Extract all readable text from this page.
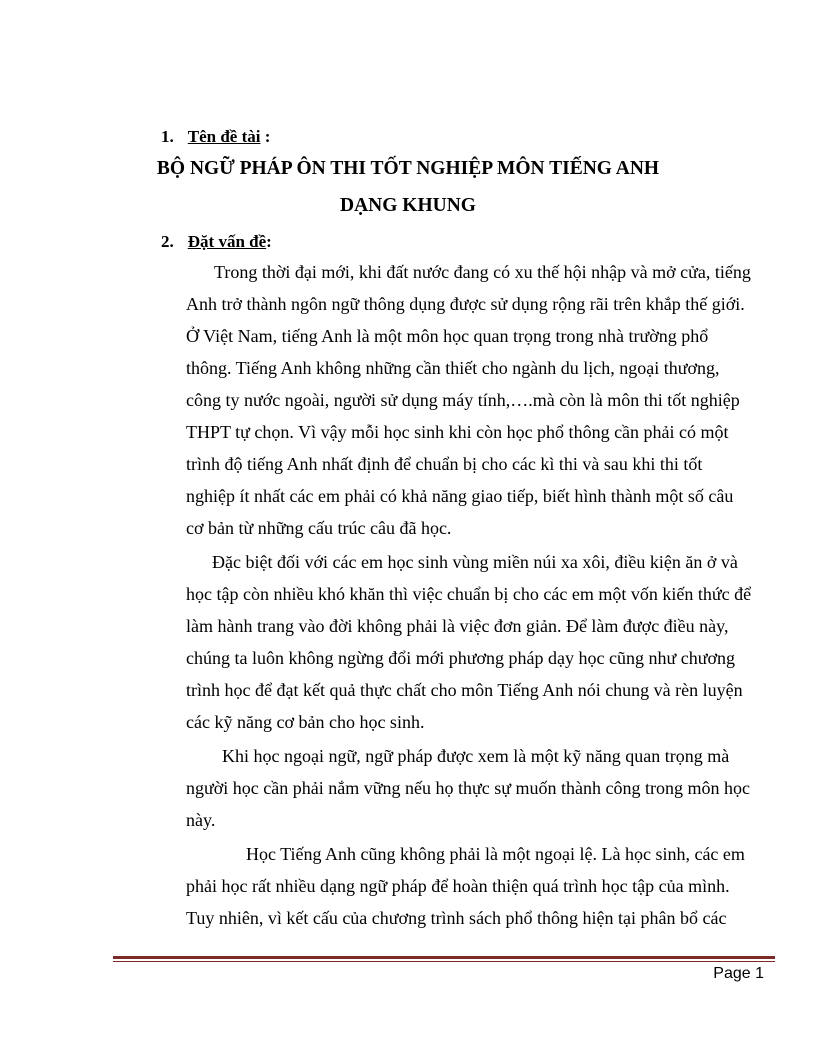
1. Tên đề tài :
BỘ NGỮ PHÁP ÔN THI TỐT NGHIỆP MÔN TIẾNG ANH
DẠNG KHUNG
2. Đặt vấn đề:
Trong thời đại mới, khi đất nước đang có xu thế hội nhập và mở cửa, tiếng
Anh trở thành ngôn ngữ thông dụng được sử dụng rộng rãi trên khắp thế giới.
Ở Việt Nam, tiếng Anh là một môn học quan trọng trong nhà trường phổ
thông. Tiếng Anh không những cần thiết cho ngành du lịch, ngoại thương,
công ty nước ngoài, người sử dụng máy tính,….mà còn là môn thi tốt nghiệp
THPT tự chọn. Vì vậy mỗi học sinh khi còn học phổ thông cần phải có một
trình độ tiếng Anh nhất định để chuẩn bị cho các kì thi và sau khi thi tốt
nghiệp ít nhất các em phải có khả năng giao tiếp, biết hình thành một số câu
cơ bản từ những cấu trúc câu đã học.
Đặc biệt đối với các em học sinh vùng miền núi xa xôi, điều kiện ăn ở và
học tập còn nhiều khó khăn thì việc chuẩn bị cho các em một vốn kiến thức để
làm hành trang vào đời không phải là việc đơn giản. Để làm được điều này,
chúng ta luôn không ngừng đổi mới phương pháp dạy học cũng như chương
trình học để đạt kết quả thực chất cho môn Tiếng Anh nói chung và rèn luyện
các kỹ năng cơ bản cho học sinh.
Khi học ngoại ngữ, ngữ pháp được xem là một kỹ năng quan trọng mà
người học cần phải nắm vững nếu họ thực sự muốn thành công trong môn học
này.
Học Tiếng Anh cũng không phải là một ngoại lệ. Là học sinh, các em
phải học rất nhiều dạng ngữ pháp để hoàn thiện quá trình học tập của mình.
Tuy nhiên, vì kết cấu của chương trình sách phổ thông hiện tại phân bổ các
Page 1
